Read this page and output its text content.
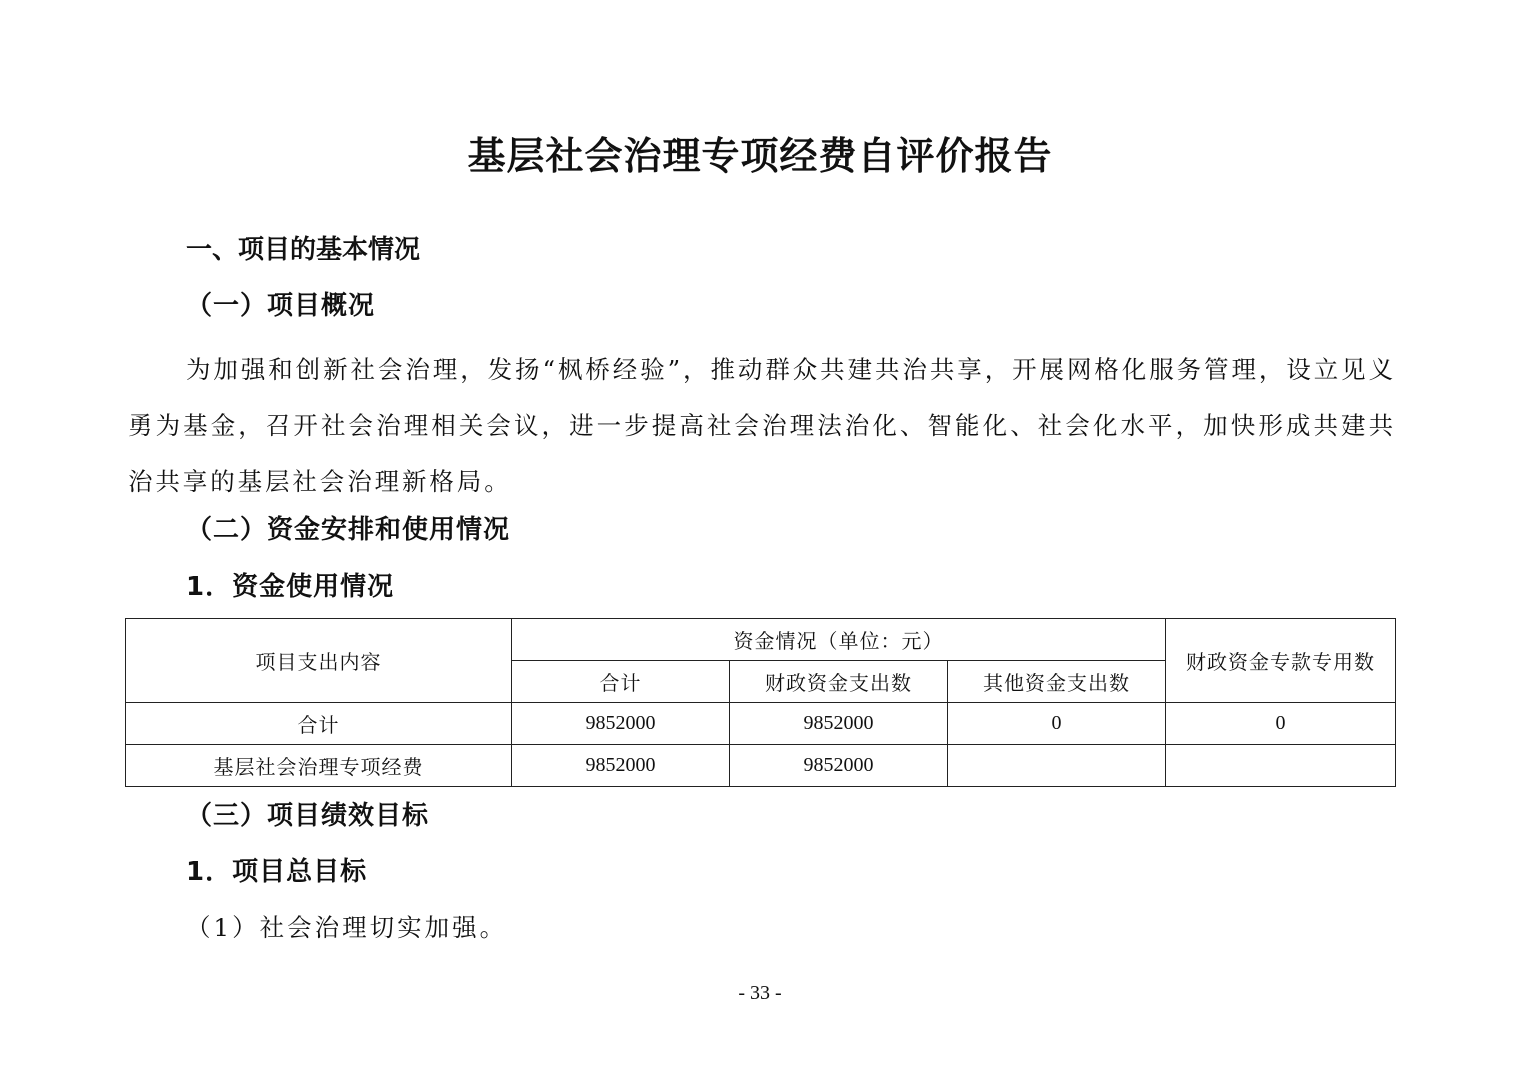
基层社会治理专项经费自评价报告
一、项目的基本情况
（一）项目概况
为加强和创新社会治理，发扬“枫桥经验”，推动群众共建共治共享，开展网格化服务管理，设立见义勇为基金，召开社会治理相关会议，进一步提高社会治理法治化、智能化、社会化水平，加快形成共建共治共享的基层社会治理新格局。
（二）资金安排和使用情况
1．资金使用情况
项目支出内容	资金情况（单位：元）			财政资金专款专用数
	合计	财政资金支出数	其他资金支出数	
合计	9852000	9852000	0	0
基层社会治理专项经费	9852000	9852000		
（三）项目绩效目标
1．项目总目标
（1）社会治理切实加强。
- 33 -
